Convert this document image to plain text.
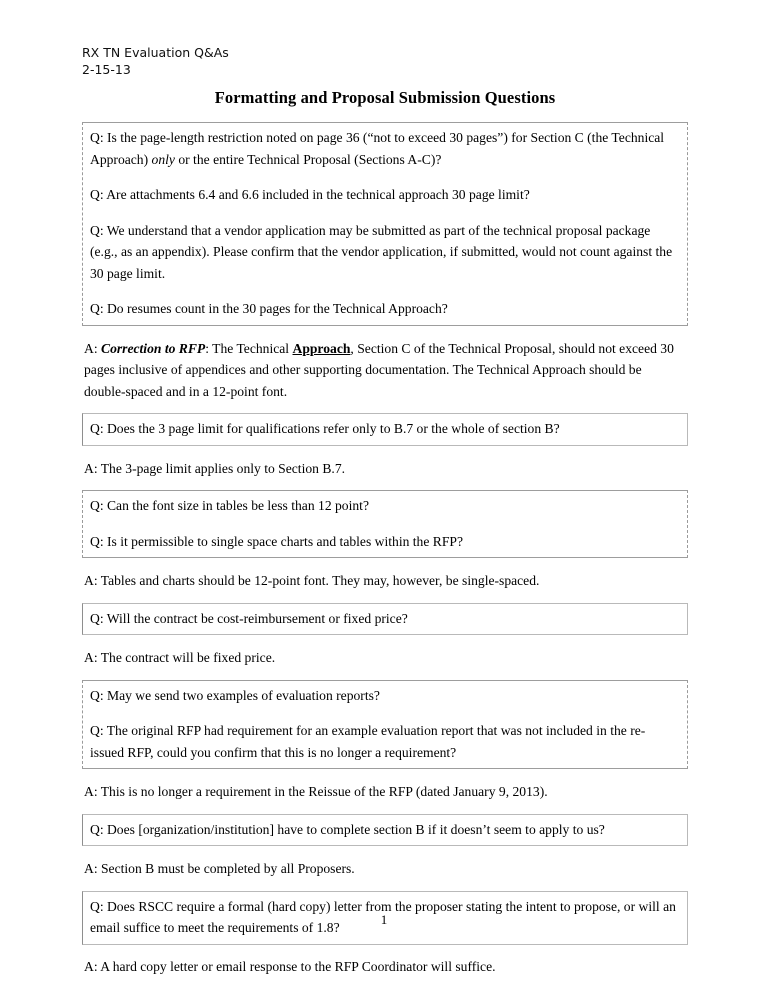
RX TN Evaluation Q&As
2-15-13
Formatting and Proposal Submission Questions

Q: Is the page-length restriction noted on page 36 (“not to exceed 30 pages”) for Section C (the Technical Approach) only or the entire Technical Proposal (Sections A-C)?

Q: Are attachments 6.4 and 6.6 included in the technical approach 30 page limit?

Q: We understand that a vendor application may be submitted as part of the technical proposal package (e.g., as an appendix). Please confirm that the vendor application, if submitted, would not count against the 30 page limit.

Q: Do resumes count in the 30 pages for the Technical Approach?

A: Correction to RFP: The Technical Approach, Section C of the Technical Proposal, should not exceed 30 pages inclusive of appendices and other supporting documentation. The Technical Approach should be double-spaced and in a 12-point font.

Q: Does the 3 page limit for qualifications refer only to B.7 or the whole of section B?

A: The 3-page limit applies only to Section B.7.

Q: Can the font size in tables be less than 12 point?

Q: Is it permissible to single space charts and tables within the RFP?

A: Tables and charts should be 12-point font. They may, however, be single-spaced.

Q: Will the contract be cost-reimbursement or fixed price?

A: The contract will be fixed price.

Q: May we send two examples of evaluation reports?

Q: The original RFP had requirement for an example evaluation report that was not included in the re-issued RFP, could you confirm that this is no longer a requirement?

A: This is no longer a requirement in the Reissue of the RFP (dated January 9, 2013).

Q: Does [organization/institution] have to complete section B if it doesn’t seem to apply to us?

A: Section B must be completed by all Proposers.

Q: Does RSCC require a formal (hard copy) letter from the proposer stating the intent to propose, or will an email suffice to meet the requirements of 1.8?

A: A hard copy letter or email response to the RFP Coordinator will suffice.
1
